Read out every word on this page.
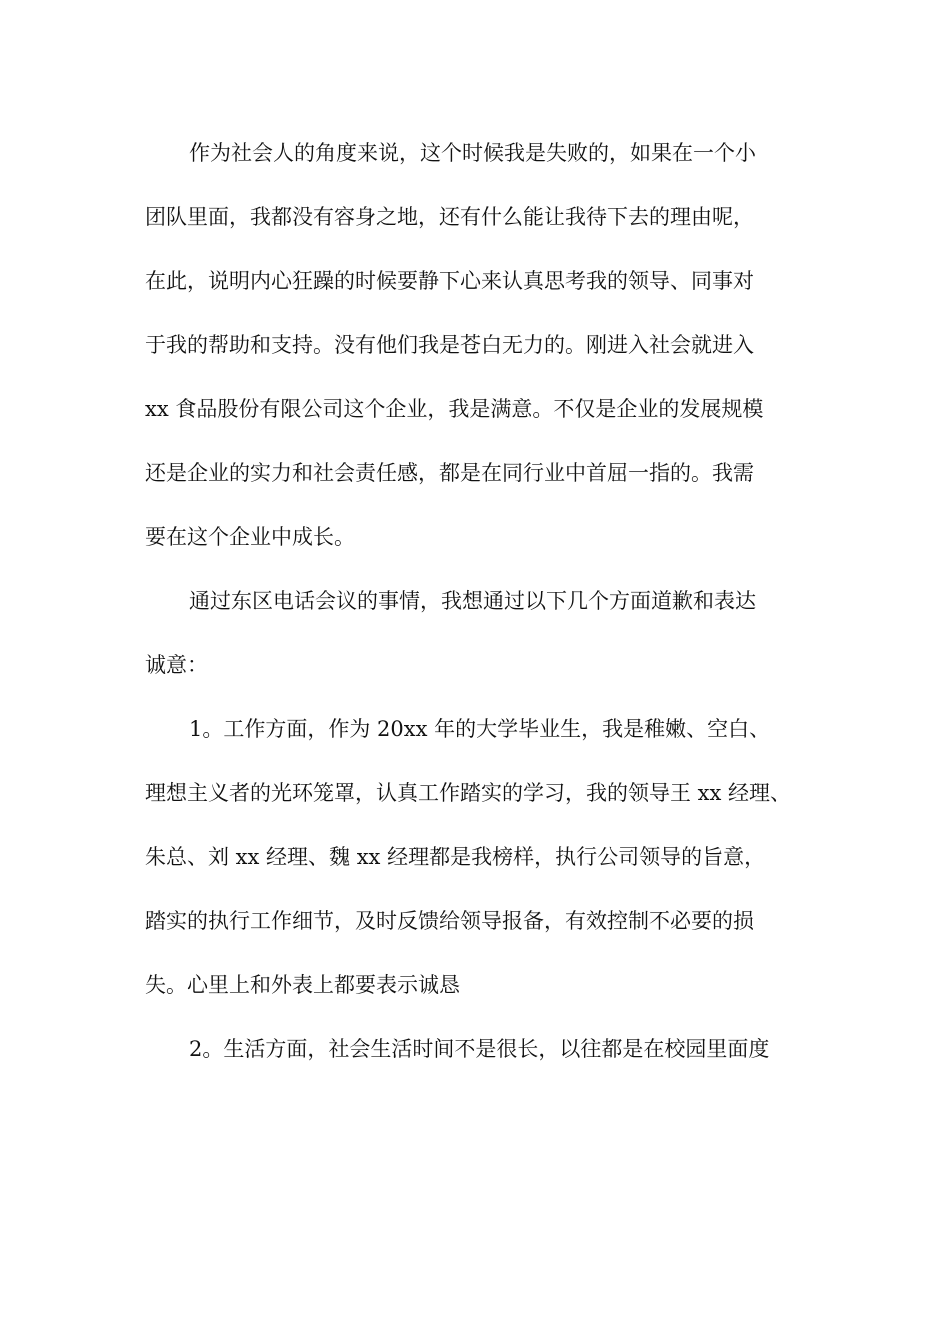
作为社会人的角度来说，这个时候我是失败的，如果在一个小
团队里面，我都没有容身之地，还有什么能让我待下去的理由呢，
在此，说明内心狂躁的时候要静下心来认真思考我的领导、同事对
于我的帮助和支持。没有他们我是苍白无力的。刚进入社会就进入
xx 食品股份有限公司这个企业，我是满意。不仅是企业的发展规模
还是企业的实力和社会责任感，都是在同行业中首屈一指的。我需
要在这个企业中成长。
通过东区电话会议的事情，我想通过以下几个方面道歉和表达
诚意：
1。工作方面，作为 20xx 年的大学毕业生，我是稚嫩、空白、
理想主义者的光环笼罩，认真工作踏实的学习，我的领导王 xx 经理、
朱总、刘 xx 经理、魏 xx 经理都是我榜样，执行公司领导的旨意，
踏实的执行工作细节，及时反馈给领导报备，有效控制不必要的损
失。心里上和外表上都要表示诚恳
2。生活方面，社会生活时间不是很长，以往都是在校园里面度
